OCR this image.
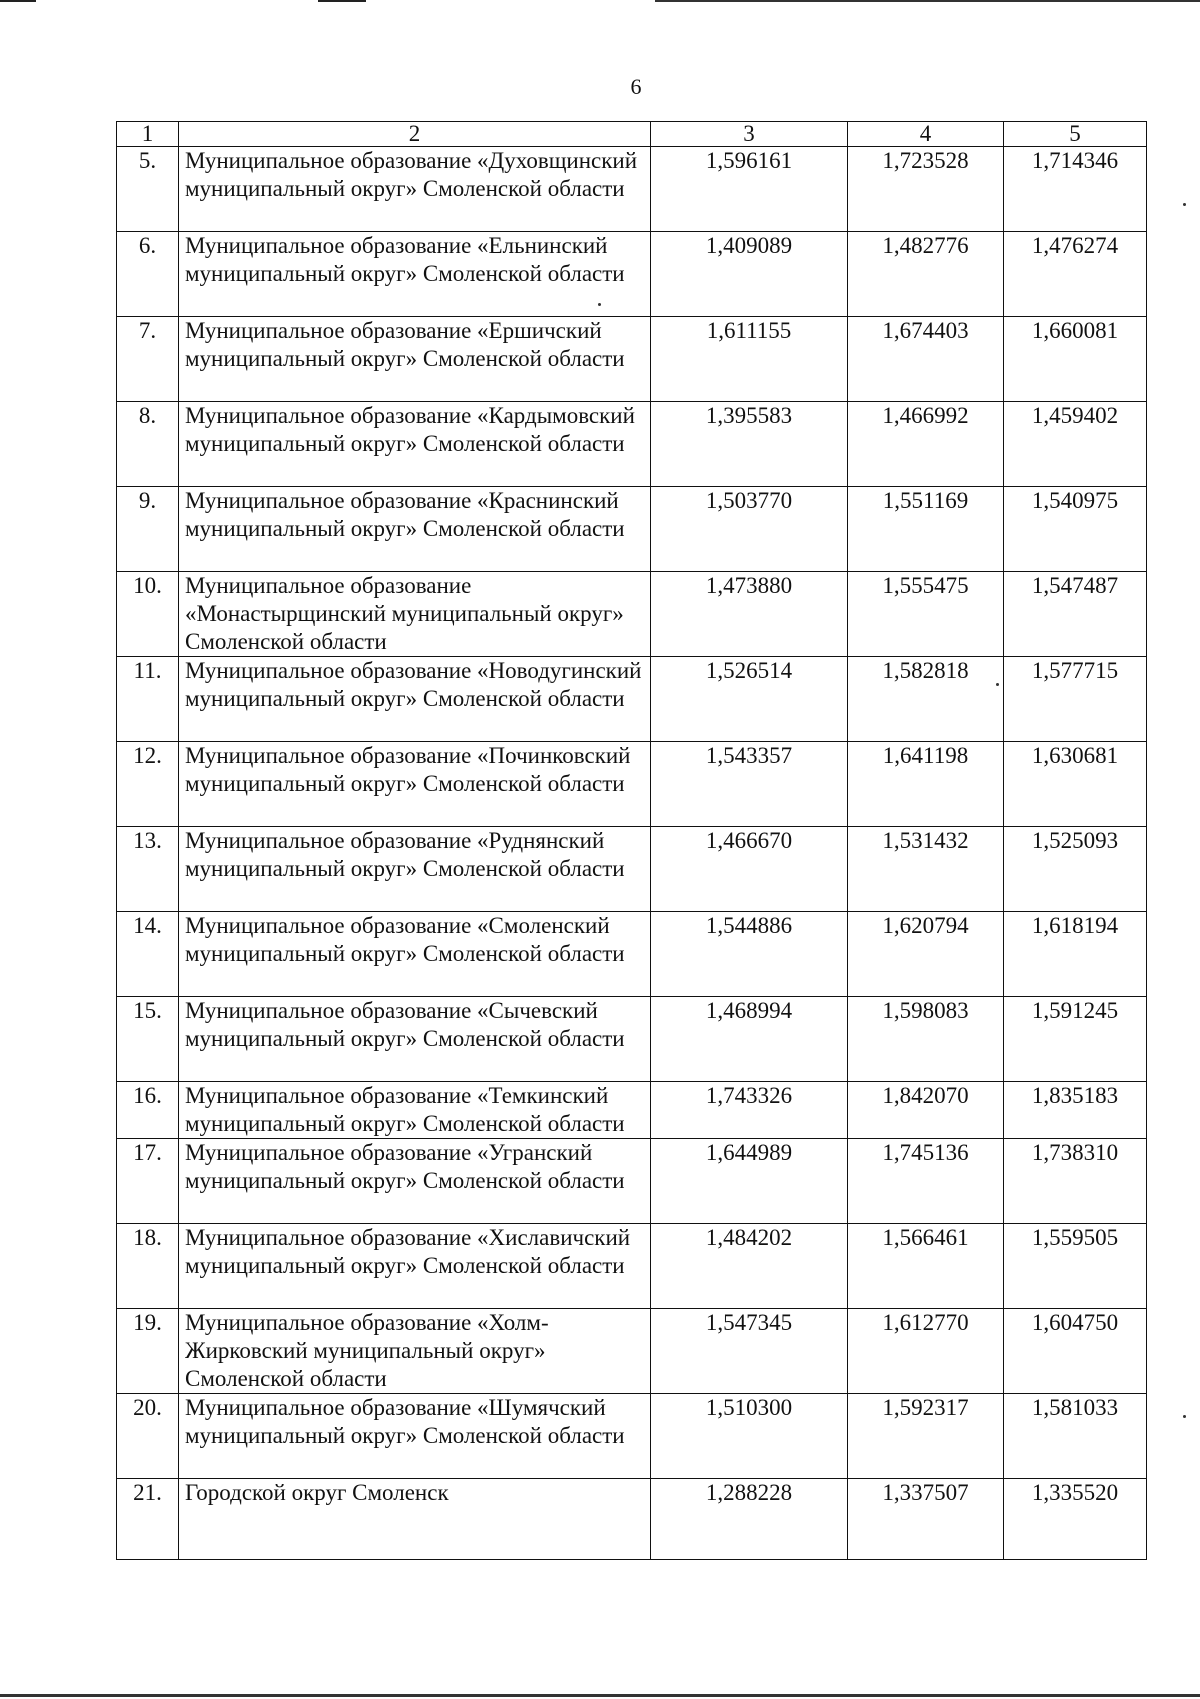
6
1	2	3	4	5
5.	Муниципальное образование «Духовщинский муниципальный округ» Смоленской области	1,596161	1,723528	1,714346
6.	Муниципальное образование «Ельнинский муниципальный округ» Смоленской области	1,409089	1,482776	1,476274
7.	Муниципальное образование «Ершичский муниципальный округ» Смоленской области	1,611155	1,674403	1,660081
8.	Муниципальное образование «Кардымовский муниципальный округ» Смоленской области	1,395583	1,466992	1,459402
9.	Муниципальное образование «Краснинский муниципальный округ» Смоленской области	1,503770	1,551169	1,540975
10.	Муниципальное образование «Монастырщинский муниципальный округ» Смоленской области	1,473880	1,555475	1,547487
11.	Муниципальное образование «Новодугинский муниципальный округ» Смоленской области	1,526514	1,582818	1,577715
12.	Муниципальное образование «Починковский муниципальный округ» Смоленской области	1,543357	1,641198	1,630681
13.	Муниципальное образование «Руднянский муниципальный округ» Смоленской области	1,466670	1,531432	1,525093
14.	Муниципальное образование «Смоленский муниципальный округ» Смоленской области	1,544886	1,620794	1,618194
15.	Муниципальное образование «Сычевский муниципальный округ» Смоленской области	1,468994	1,598083	1,591245
16.	Муниципальное образование «Темкинский муниципальный округ» Смоленской области	1,743326	1,842070	1,835183
17.	Муниципальное образование «Угранский муниципальный округ» Смоленской области	1,644989	1,745136	1,738310
18.	Муниципальное образование «Хиславичский муниципальный округ» Смоленской области	1,484202	1,566461	1,559505
19.	Муниципальное образование «Холм-Жирковский муниципальный округ» Смоленской области	1,547345	1,612770	1,604750
20.	Муниципальное образование «Шумячский муниципальный округ» Смоленской области	1,510300	1,592317	1,581033
21.	Городской округ Смоленск	1,288228	1,337507	1,335520
